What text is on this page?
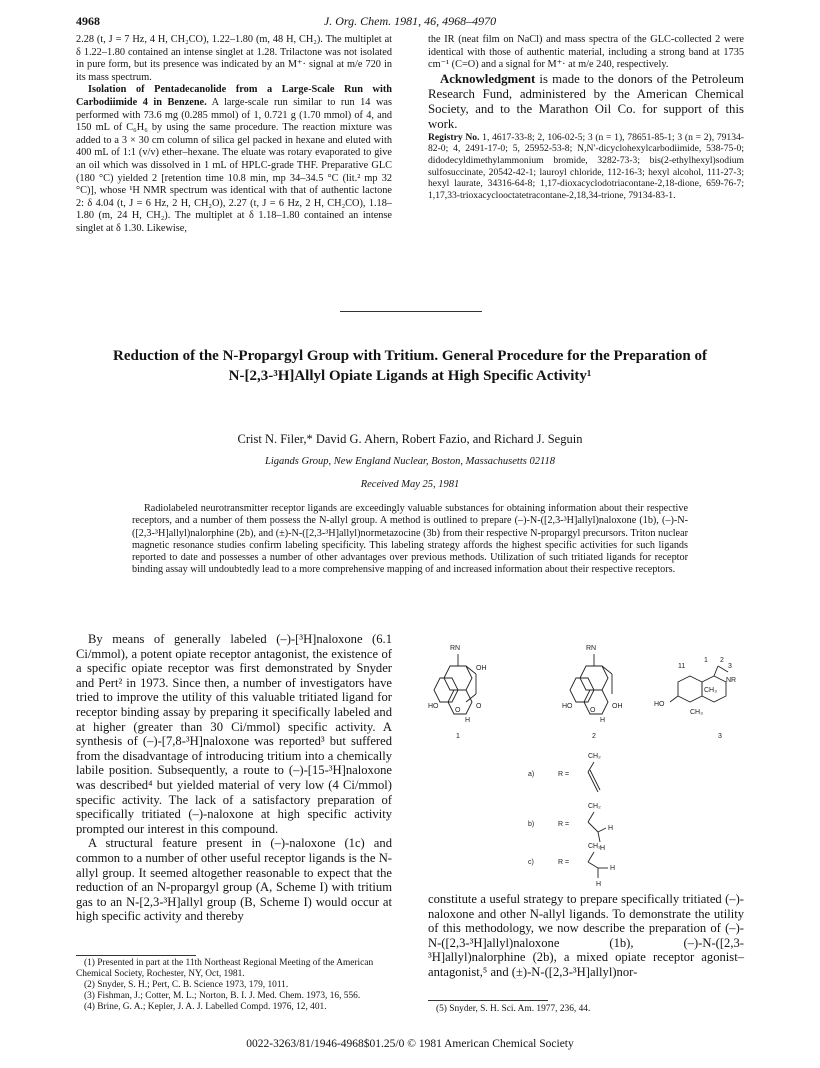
4968	J. Org. Chem. 1981, 46, 4968–4970

2.28 (t, J = 7 Hz, 4 H, CH₂CO), 1.22–1.80 (m, 48 H, CH₂). The multiplet at δ 1.22–1.80 contained an intense singlet at 1.28. Trilactone was not isolated in pure form, but its presence was indicated by an M⁺· signal at m/e 720 in its mass spectrum.

Isolation of Pentadecanolide from a Large-Scale Run with Carbodiimide 4 in Benzene. A large-scale run similar to run 14 was performed with 73.6 mg (0.285 mmol) of 1, 0.721 g (1.70 mmol) of 4, and 150 mL of C₆H₆ by using the same procedure. The reaction mixture was added to a 3 × 30 cm column of silica gel packed in hexane and eluted with 400 mL of 1:1 (v/v) ether–hexane. The eluate was rotary evaporated to give an oil which was dissolved in 1 mL of HPLC-grade THF. Preparative GLC (180 °C) yielded 2 [retention time 10.8 min, mp 34–34.5 °C (lit.² mp 32 °C)], whose ¹H NMR spectrum was identical with that of authentic lactone 2: δ 4.04 (t, J = 6 Hz, 2 H, CH₂O), 2.27 (t, J = 6 Hz, 2 H, CH₂CO), 1.18–1.80 (m, 24 H, CH₂). The multiplet at δ 1.18–1.80 contained an intense singlet at δ 1.30. Likewise,

the IR (neat film on NaCl) and mass spectra of the GLC-collected 2 were identical with those of authentic material, including a strong band at 1735 cm⁻¹ (C=O) and a signal for M⁺· at m/e 240, respectively.

Acknowledgment is made to the donors of the Petroleum Research Fund, administered by the American Chemical Society, and to the Marathon Oil Co. for support of this work.

Registry No. 1, 4617-33-8; 2, 106-02-5; 3 (n = 1), 78651-85-1; 3 (n = 2), 79134-82-0; 4, 2491-17-0; 5, 25952-53-8; N,N′-dicyclohexylcarbodiimide, 538-75-0; didodecyldimethylammonium bromide, 3282-73-3; bis(2-ethylhexyl)sodium sulfosuccinate, 20542-42-1; lauroyl chloride, 112-16-3; hexyl alcohol, 111-27-3; hexyl laurate, 34316-64-8; 1,17-dioxacyclodotriacontane-2,18-dione, 659-76-7; 1,17,33-trioxacyclooctatetracontane-2,18,34-trione, 79134-83-1.

Reduction of the N-Propargyl Group with Tritium. General Procedure for the Preparation of N-[2,3-³H]Allyl Opiate Ligands at High Specific Activity¹
Crist N. Filer,* David G. Ahern, Robert Fazio, and Richard J. Seguin
Ligands Group, New England Nuclear, Boston, Massachusetts 02118
Received May 25, 1981
Radiolabeled neurotransmitter receptor ligands are exceedingly valuable substances for obtaining information about their respective receptors, and a number of them possess the N-allyl group. A method is outlined to prepare (–)-N-([2,3-³H]allyl)naloxone (1b), (–)-N-([2,3-³H]allyl)nalorphine (2b), and (±)-N-([2,3-³H]allyl)normetazocine (3b) from their respective N-propargyl precursors. Triton nuclear magnetic resonance studies confirm labeling specificity. This labeling strategy affords the highest specific activities for such ligands reported to date and possesses a number of other advantages over previous methods. Utilization of such tritiated ligands for receptor binding assay will undoubtedly lead to a more comprehensive mapping of and increased information about their respective receptors.

By means of generally labeled (–)-[³H]naloxone (6.1 Ci/mmol), a potent opiate receptor antagonist, the existence of a specific opiate receptor was first demonstrated by Snyder and Pert² in 1973. Since then, a number of investigators have tried to improve the utility of this valuable tritiated ligand for receptor binding assay by preparing it specifically labeled and at higher (greater than 30 Ci/mmol) specific activity. A synthesis of (–)-[7,8-³H]naloxone was reported³ but suffered from the disadvantage of introducing tritium into a chemically labile position. Subsequently, a route to (–)-[15-³H]naloxone was described⁴ but yielded material of very low (4 Ci/mmol) specific activity. The lack of a satisfactory preparation of specifically tritiated (–)-naloxone at high specific activity prompted our interest in this compound.

A structural feature present in (–)-naloxone (1c) and common to a number of other useful receptor ligands is the N-allyl group. It seemed altogether reasonable to expect that the reduction of an N-propargyl group (A, Scheme I) with tritium gas to an N-[2,3-³H]allyl group (B, Scheme I) would occur at high specific activity and thereby

RN
OH
HO
O
H
O
1
RN
HO
O
H
OH
2
11
1 2
3
NR
HO
CH₃
CH₃
3
CH₂
a)	R =
CH₂
b)	R =
H
H
CH₂
c)	R =
H
H

constitute a useful strategy to prepare specifically tritiated (–)-naloxone and other N-allyl ligands. To demonstrate the utility of this methodology, we now describe the preparation of (–)-N-([2,3-³H]allyl)naloxone (1b), (–)-N-([2,3-³H]allyl)nalorphine (2b), a mixed opiate receptor agonist–antagonist,⁵ and (±)-N-([2,3-³H]allyl)nor-

(1) Presented in part at the 11th Northeast Regional Meeting of the American Chemical Society, Rochester, NY, Oct, 1981.

(2) Snyder, S. H.; Pert, C. B. Science 1973, 179, 1011.

(3) Fishman, J.; Cotter, M. L.; Norton, B. I. J. Med. Chem. 1973, 16, 556.

(4) Brine, G. A.; Kepler, J. A. J. Labelled Compd. 1976, 12, 401.	(5) Snyder, S. H. Sci. Am. 1977, 236, 44.

0022-3263/81/1946-4968$01.25/0 © 1981 American Chemical Society
